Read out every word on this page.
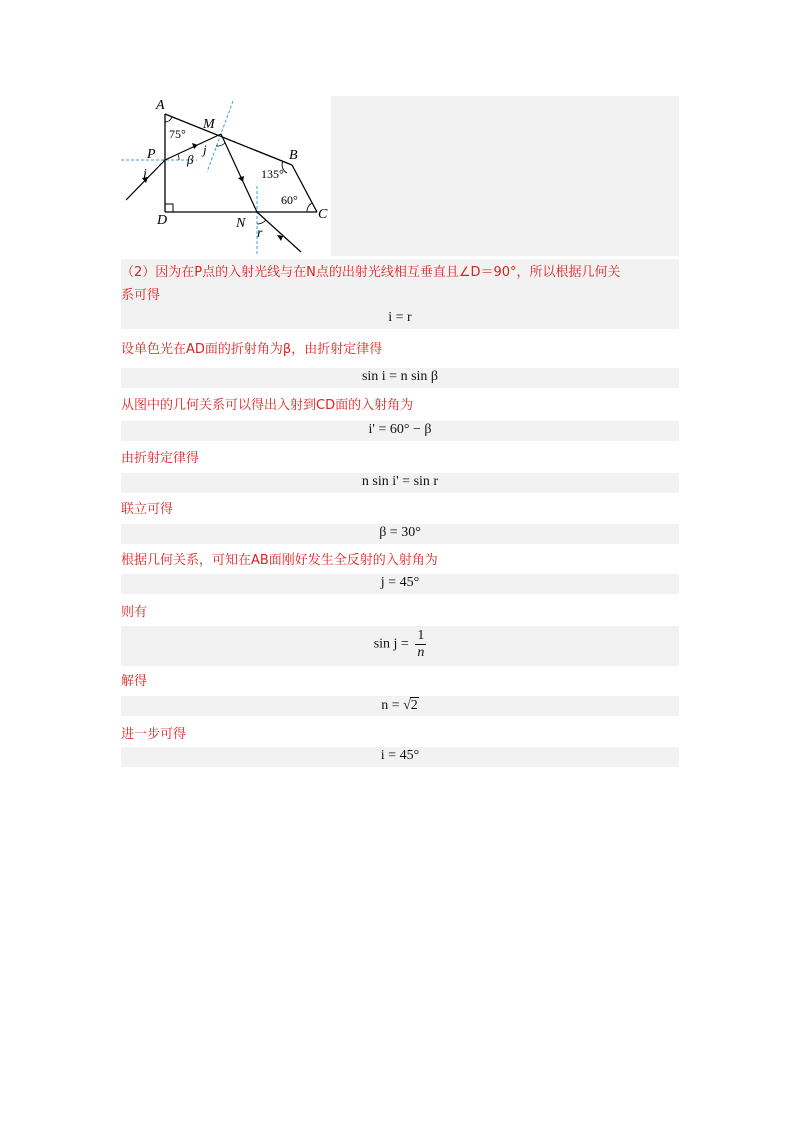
A
M
B
P
i
β
j
D	N
r
C
75°
135°
60°
（2）因为在P点的入射光线与在N点的出射光线相互垂直且∠D＝90°，所以根据几何关
系可得
i = r
设单色光在AD面的折射角为β，由折射定律得
sin i = n sin β
从图中的几何关系可以得出入射到CD面的入射角为
i' = 60° − β
由折射定律得
n sin i' = sin r
联立可得
β = 30°
根据几何关系，可知在AB面刚好发生全反射的入射角为
j = 45°
则有
$\sin j = \frac{1}{n}$
解得
n = √2
进一步可得
i = 45°
